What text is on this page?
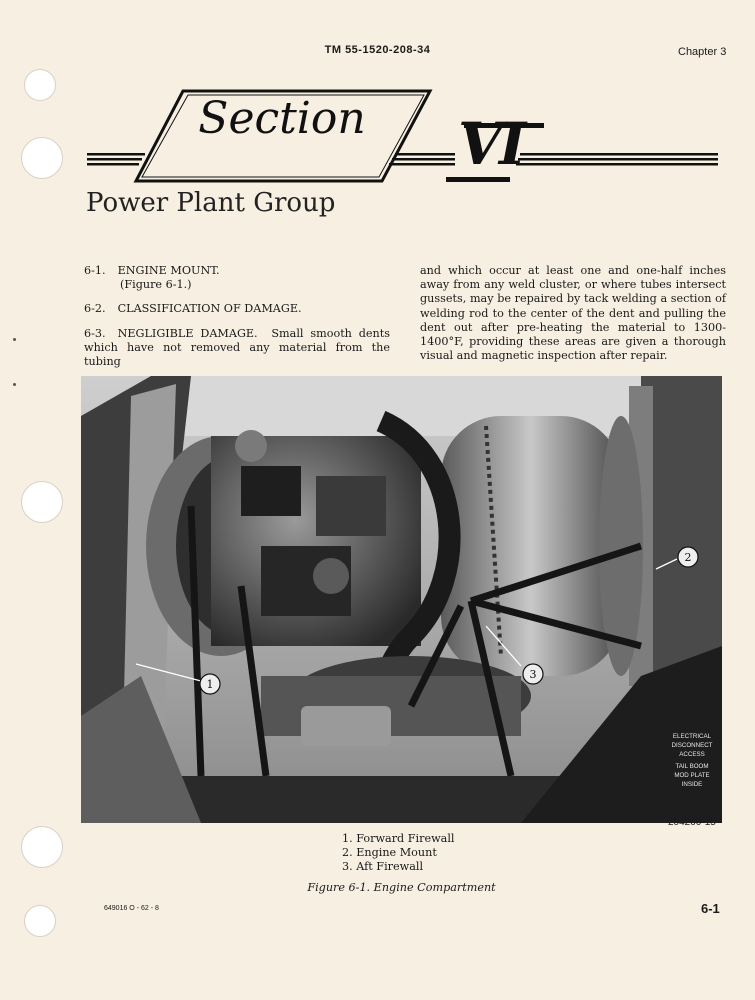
TM 55-1520-208-34	Chapter 3
Section VI
Power Plant Group
6-1. ENGINE MOUNT.
(Figure 6-1.)
6-2. CLASSIFICATION OF DAMAGE.
6-3. NEGLIGIBLE DAMAGE. Small smooth dents which have not removed any material from the tubing
and which occur at least one and one-half inches away from any weld cluster, or where tubes intersect gussets, may be repaired by tack welding a section of welding rod to the center of the dent and pulling the dent out after pre-heating the material to 1300-1400°F, providing these areas are given a thorough visual and magnetic inspection after repair.
ELECTRICAL
DISCONNECT
ACCESS
TAIL BOOM
MOD PLATE
INSIDE
1
2
3
204200-15
1. Forward Firewall
2. Engine Mount
3. Aft Firewall
Figure 6-1. Engine Compartment
649016 O - 62 - 8	6-1
